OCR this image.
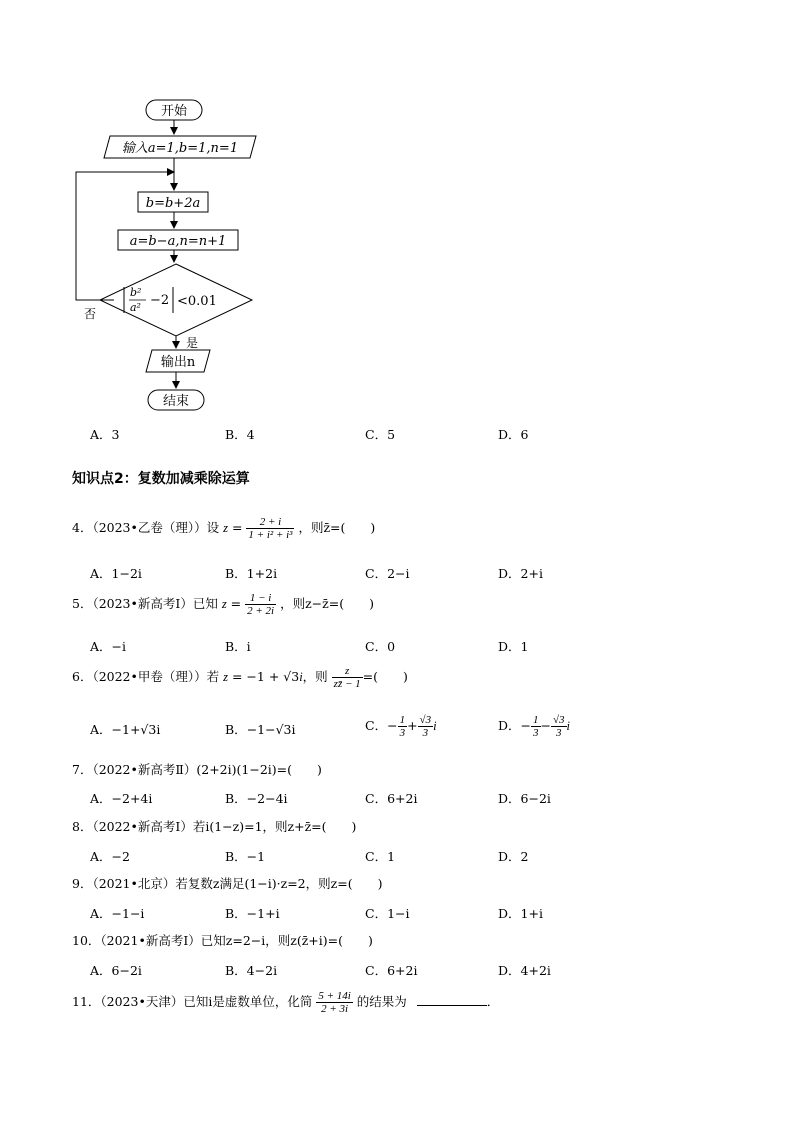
开始
输入a=1,b=1,n=1
b=b+2a
a=b−a,n=n+1
b²
a² −2 <0.01
否
是
输出n
结束
A．3	B．4	C．5	D．6
知识点2：复数加减乘除运算
4．（2023•乙卷（理））设 $z = \frac{2 + i}{\text{1 + i² + i³}}$ ，则z̄=(　　)
A．1−2i	B．1+2i	C．2−i	D．2+i
5．（2023•新高考Ⅰ）已知 $z = \frac{1 - i}{2 + 2i}$ ，则z−z̄=(　　)
A．−i	B．i	C．0	D．1
6．（2022•甲卷（理））若 z = −1 + √3i，则 $\frac{z}{zz̄ - 1}$ =(　　)
A．−1+√3i	B．−1−√3i	C．− $\frac{1}{3} + \frac{√3}{3}$ i	D．− $\frac{1}{3} - \frac{√3}{3}$ i
7．（2022•新高考Ⅱ）(2+2i)(1−2i)=(　　)
A．−2+4i	B．−2−4i	C．6+2i	D．6−2i
8．（2022•新高考Ⅰ）若i(1−z)=1，则z+z̄=(　　)
A．−2	B．−1	C．1	D．2
9．（2021•北京）若复数z满足(1−i)·z=2，则z=(　　)
A．−1−i	B．−1+i	C．1−i	D．1+i
10．（2021•新高考Ⅰ）已知z=2−i，则z(z̄+i)=(　　)
A．6−2i	B．4−2i	C．6+2i	D．4+2i
11．（2023•天津）已知i是虚数单位，化简 $\frac{5 + 14i}{2 + 3i}$ 的结果为	．
